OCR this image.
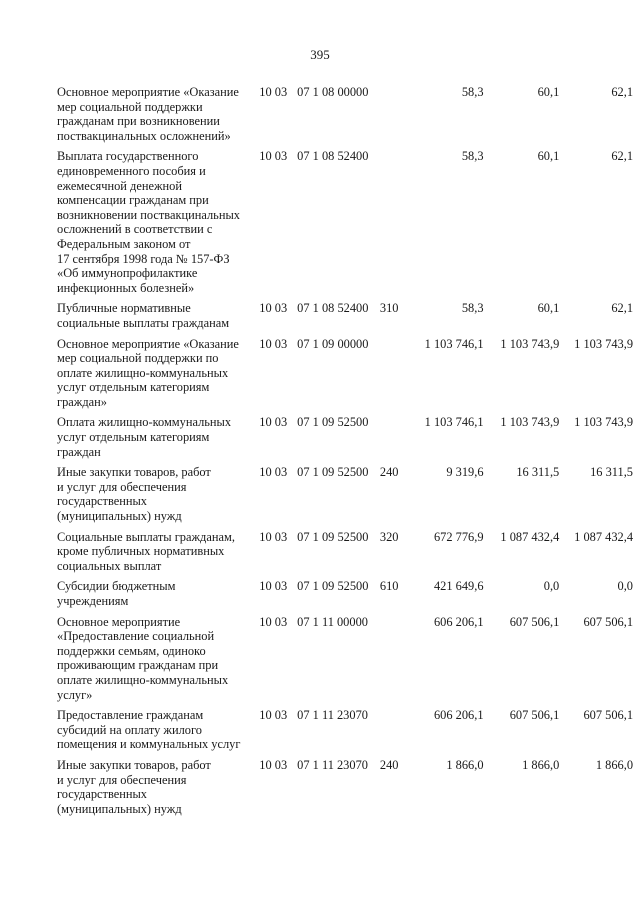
395
Основное мероприятие «Оказание
мер социальной поддержки
гражданам при возникновении
поствакцинальных осложнений»
10 03 07 1 08 00000	58,3	60,1	62,1
Выплата государственного
единовременного пособия и
ежемесячной денежной
компенсации гражданам при
возникновении поствакцинальных
осложнений в соответствии с
Федеральным законом от
17 сентября 1998 года № 157-ФЗ
«Об иммунопрофилактике
инфекционных болезней»
10 03 07 1 08 52400	58,3	60,1	62,1
Публичные нормативные
социальные выплаты гражданам
10 03 07 1 08 52400 310	58,3	60,1	62,1
Основное мероприятие «Оказание
мер социальной поддержки по
оплате жилищно-коммунальных
услуг отдельным категориям
граждан»
10 03 07 1 09 00000	1 103 746,1	1 103 743,9	1 103 743,9
Оплата жилищно-коммунальных
услуг отдельным категориям
граждан
10 03 07 1 09 52500	1 103 746,1	1 103 743,9	1 103 743,9
Иные закупки товаров, работ
и услуг для обеспечения
государственных
(муниципальных) нужд
10 03 07 1 09 52500 240	9 319,6	16 311,5	16 311,5
Социальные выплаты гражданам,
кроме публичных нормативных
социальных выплат
10 03 07 1 09 52500 320	672 776,9	1 087 432,4	1 087 432,4
Субсидии бюджетным
учреждениям
10 03 07 1 09 52500 610	421 649,6	0,0	0,0
Основное мероприятие
«Предоставление социальной
поддержки семьям, одиноко
проживающим гражданам при
оплате жилищно-коммунальных
услуг»
10 03 07 1 11 00000	606 206,1	607 506,1	607 506,1
Предоставление гражданам
субсидий на оплату жилого
помещения и коммунальных услуг
10 03 07 1 11 23070	606 206,1	607 506,1	607 506,1
Иные закупки товаров, работ
и услуг для обеспечения
государственных
(муниципальных) нужд
10 03 07 1 11 23070 240	1 866,0	1 866,0	1 866,0
